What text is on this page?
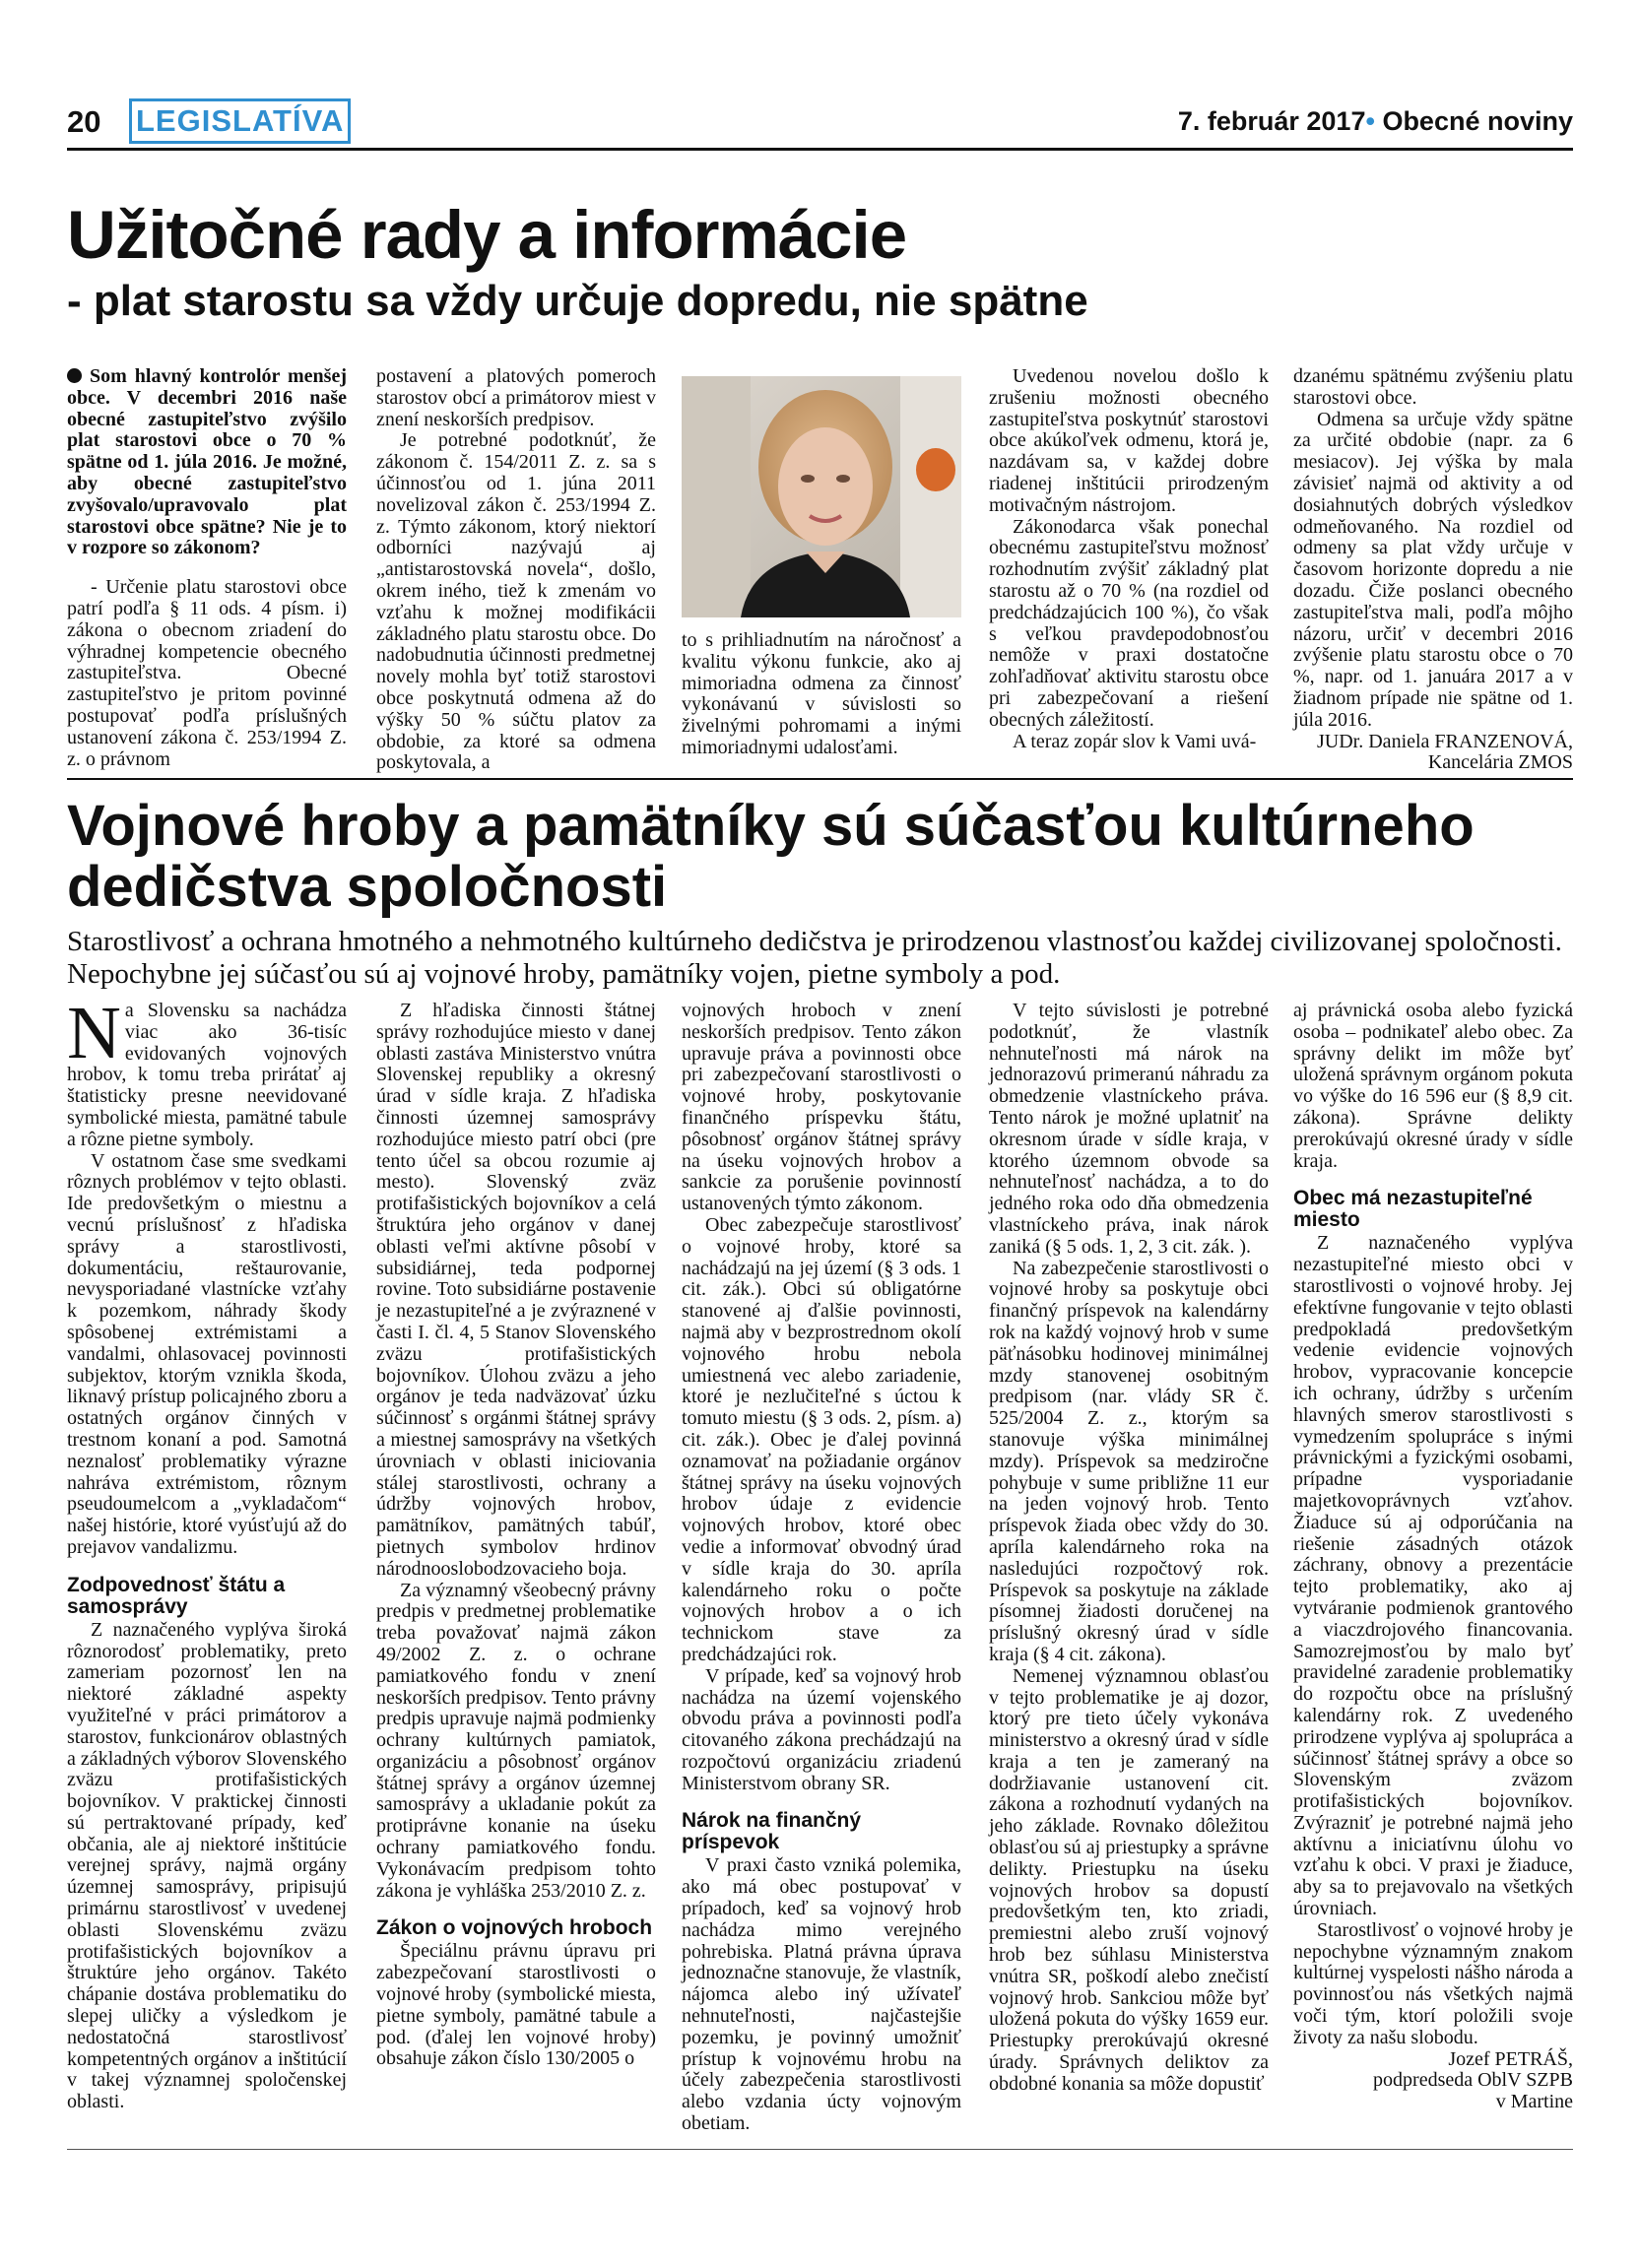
20 LEGISLATÍVA	7. február 2017• Obecné noviny
Užitočné rady a informácie
- plat starostu sa vždy určuje dopredu, nie spätne

Som hlavný kontrolór menšej obce. V decembri 2016 naše obecné zastupiteľstvo zvýšilo plat starostovi obce o 70 % spätne od 1. júla 2016. Je možné, aby obecné zastupiteľstvo zvyšovalo/upravovalo plat starostovi obce spätne? Nie je to v rozpore so zákonom?

- Určenie platu starostovi obce patrí podľa § 11 ods. 4 písm. i) zákona o obecnom zriadení do výhradnej kompetencie obecného zastupiteľstva. Obecné zastupiteľstvo je pritom povinné postupovať podľa príslušných ustanovení zákona č. 253/1994 Z. z. o právnom

postavení a platových pomeroch starostov obcí a primátorov miest v znení neskorších predpisov.

Je potrebné podotknúť, že zákonom č. 154/2011 Z. z. sa s účinnosťou od 1. júna 2011 novelizoval zákon č. 253/1994 Z. z. Týmto zákonom, ktorý niektorí odborníci nazývajú aj „antistarostovská novela“, došlo, okrem iného, tiež k zmenám vo vzťahu k možnej modifikácii základného platu starostu obce. Do nadobudnutia účinnosti predmetnej novely mohla byť totiž starostovi obce poskytnutá odmena až do výšky 50 % súčtu platov za obdobie, za ktoré sa odmena poskytovala, a

to s prihliadnutím na náročnosť a kvalitu výkonu funkcie, ako aj mimoriadna odmena za činnosť vykonávanú v súvislosti so živelnými pohromami a inými mimoriadnymi udalosťami.

Uvedenou novelou došlo k zrušeniu možnosti obecného zastupiteľstva poskytnúť starostovi obce akúkoľvek odmenu, ktorá je, nazdávam sa, v každej dobre riadenej inštitúcii prirodzeným motivačným nástrojom.

Zákonodarca však ponechal obecnému zastupiteľstvu možnosť rozhodnutím zvýšiť základný plat starostu až o 70 % (na rozdiel od predchádzajúcich 100 %), čo však s veľkou pravdepodobnosťou nemôže v praxi dostatočne zohľadňovať aktivitu starostu obce pri zabezpečovaní a riešení obecných záležitostí.

A teraz zopár slov k Vami uvá-

dzanému spätnému zvýšeniu platu starostovi obce.

Odmena sa určuje vždy spätne za určité obdobie (napr. za 6 mesiacov). Jej výška by mala závisieť najmä od aktivity a od dosiahnutých dobrých výsledkov odmeňovaného. Na rozdiel od odmeny sa plat vždy určuje v časovom horizonte dopredu a nie dozadu. Čiže poslanci obecného zastupiteľstva mali, podľa môjho názoru, určiť v decembri 2016 zvýšenie platu starostu obce o 70 %, napr. od 1. januára 2017 a v žiadnom prípade nie spätne od 1. júla 2016.

JUDr. Daniela FRANZENOVÁ,

Kancelária ZMOS

Vojnové hroby a pamätníky sú súčasťou kultúrneho dedičstva spoločnosti

Starostlivosť a ochrana hmotného a nehmotného kultúrneho dedičstva je prirodzenou vlastnosťou každej civilizovanej spoločnosti. Nepochybne jej súčasťou sú aj vojnové hroby, pamätníky vojen, pietne symboly a pod.

Na Slovensku sa nachádza viac ako 36-tisíc evidovaných vojnových hrobov, k tomu treba prirátať aj štatisticky presne neevidované symbolické miesta, pamätné tabule a rôzne pietne symboly.

V ostatnom čase sme svedkami rôznych problémov v tejto oblasti. Ide predovšetkým o miestnu a vecnú príslušnosť z hľadiska správy a starostlivosti, dokumentáciu, reštaurovanie, nevysporiadané vlastnícke vzťahy k pozemkom, náhrady škody spôsobenej extrémistami a vandalmi, ohlasovacej povinnosti subjektov, ktorým vznikla škoda, liknavý prístup policajného zboru a ostatných orgánov činných v trestnom konaní a pod. Samotná neznalosť problematiky výrazne nahráva extrémistom, rôznym pseudoumelcom a „vykladačom“ našej histórie, ktoré vyúsťujú až do prejavov vandalizmu.

Zodpovednosť štátu a samosprávy

Z naznačeného vyplýva široká rôznorodosť problematiky, preto zameriam pozornosť len na niektoré základné aspekty využiteľné v práci primátorov a starostov, funkcionárov oblastných a základných výborov Slovenského zväzu protifašistických bojovníkov. V praktickej činnosti sú pertraktované prípady, keď občania, ale aj niektoré inštitúcie verejnej správy, najmä orgány územnej samosprávy, pripisujú primárnu starostlivosť v uvedenej oblasti Slovenskému zväzu protifašistických bojovníkov a štruktúre jeho orgánov. Takéto chápanie dostáva problematiku do slepej uličky a výsledkom je nedostatočná starostlivosť kompetentných orgánov a inštitúcií v takej významnej spoločenskej oblasti.

Z hľadiska činnosti štátnej správy rozhodujúce miesto v danej oblasti zastáva Ministerstvo vnútra Slovenskej republiky a okresný úrad v sídle kraja. Z hľadiska činnosti územnej samosprávy rozhodujúce miesto patrí obci (pre tento účel sa obcou rozumie aj mesto). Slovenský zväz protifašistických bojovníkov a celá štruktúra jeho orgánov v danej oblasti veľmi aktívne pôsobí v subsidiárnej, teda podpornej rovine. Toto subsidiárne postavenie je nezastupiteľné a je zvýraznené v časti I. čl. 4, 5 Stanov Slovenského zväzu protifašistických bojovníkov. Úlohou zväzu a jeho orgánov je teda nadväzovať úzku súčinnosť s orgánmi štátnej správy a miestnej samosprávy na všetkých úrovniach v oblasti iniciovania stálej starostlivosti, ochrany a údržby vojnových hrobov, pamätníkov, pamätných tabúľ, pietnych symbolov hrdinov národnooslobodzovacieho boja.

Za významný všeobecný právny predpis v predmetnej problematike treba považovať najmä zákon 49/2002 Z. z. o ochrane pamiatkového fondu v znení neskorších predpisov. Tento právny predpis upravuje najmä podmienky ochrany kultúrnych pamiatok, organizáciu a pôsobnosť orgánov štátnej správy a orgánov územnej samosprávy a ukladanie pokút za protiprávne konanie na úseku ochrany pamiatkového fondu. Vykonávacím predpisom tohto zákona je vyhláška 253/2010 Z. z.

Zákon o vojnových hroboch

Špeciálnu právnu úpravu pri zabezpečovaní starostlivosti o vojnové hroby (symbolické miesta, pietne symboly, pamätné tabule a pod. (ďalej len vojnové hroby) obsahuje zákon číslo 130/2005 o

vojnových hroboch v znení neskorších predpisov. Tento zákon upravuje práva a povinnosti obce pri zabezpečovaní starostlivosti o vojnové hroby, poskytovanie finančného príspevku štátu, pôsobnosť orgánov štátnej správy na úseku vojnových hrobov a sankcie za porušenie povinností ustanovených týmto zákonom.

Obec zabezpečuje starostlivosť o vojnové hroby, ktoré sa nachádzajú na jej území (§ 3 ods. 1 cit. zák.). Obci sú obligatórne stanovené aj ďalšie povinnosti, najmä aby v bezprostrednom okolí vojnového hrobu nebola umiestnená vec alebo zariadenie, ktoré je nezlučiteľné s úctou k tomuto miestu (§ 3 ods. 2, písm. a) cit. zák.). Obec je ďalej povinná oznamovať na požiadanie orgánov štátnej správy na úseku vojnových hrobov údaje z evidencie vojnových hrobov, ktoré obec vedie a informovať obvodný úrad v sídle kraja do 30. apríla kalendárneho roku o počte vojnových hrobov a o ich technickom stave za predchádzajúci rok.

V prípade, keď sa vojnový hrob nachádza na území vojenského obvodu práva a povinnosti podľa citovaného zákona prechádzajú na rozpočtovú organizáciu zriadenú Ministerstvom obrany SR.

Nárok na finančný príspevok

V praxi často vzniká polemika, ako má obec postupovať v prípadoch, keď sa vojnový hrob nachádza mimo verejného pohrebiska. Platná právna úprava jednoznačne stanovuje, že vlastník, nájomca alebo iný užívateľ nehnuteľnosti, najčastejšie pozemku, je povinný umožniť prístup k vojnovému hrobu na účely zabezpečenia starostlivosti alebo vzdania úcty vojnovým obetiam.

V tejto súvislosti je potrebné podotknúť, že vlastník nehnuteľnosti má nárok na jednorazovú primeranú náhradu za obmedzenie vlastníckeho práva. Tento nárok je možné uplatniť na okresnom úrade v sídle kraja, v ktorého územnom obvode sa nehnuteľnosť nachádza, a to do jedného roka odo dňa obmedzenia vlastníckeho práva, inak nárok zaniká (§ 5 ods. 1, 2, 3 cit. zák. ).

Na zabezpečenie starostlivosti o vojnové hroby sa poskytuje obci finančný príspevok na kalendárny rok na každý vojnový hrob v sume päťnásobku hodinovej minimálnej mzdy stanovenej osobitným predpisom (nar. vlády SR č. 525/2004 Z. z., ktorým sa stanovuje výška minimálnej mzdy). Príspevok sa medziročne pohybuje v sume približne 11 eur na jeden vojnový hrob. Tento príspevok žiada obec vždy do 30. apríla kalendárneho roka na nasledujúci rozpočtový rok. Príspevok sa poskytuje na základe písomnej žiadosti doručenej na príslušný okresný úrad v sídle kraja (§ 4 cit. zákona).

Nemenej významnou oblasťou v tejto problematike je aj dozor, ktorý pre tieto účely vykonáva ministerstvo a okresný úrad v sídle kraja a ten je zameraný na dodržiavanie ustanovení cit. zákona a rozhodnutí vydaných na jeho základe. Rovnako dôležitou oblasťou sú aj priestupky a správne delikty. Priestupku na úseku vojnových hrobov sa dopustí predovšetkým ten, kto zriadi, premiestni alebo zruší vojnový hrob bez súhlasu Ministerstva vnútra SR, poškodí alebo znečistí vojnový hrob. Sankciou môže byť uložená pokuta do výšky 1659 eur. Priestupky prerokúvajú okresné úrady. Správnych deliktov za obdobné konania sa môže dopustiť

aj právnická osoba alebo fyzická osoba – podnikateľ alebo obec. Za správny delikt im môže byť uložená správnym orgánom pokuta vo výške do 16 596 eur (§ 8,9 cit. zákona). Správne delikty prerokúvajú okresné úrady v sídle kraja.

Obec má nezastupiteľné miesto

Z naznačeného vyplýva nezastupiteľné miesto obci v starostlivosti o vojnové hroby. Jej efektívne fungovanie v tejto oblasti predpokladá predovšetkým vedenie evidencie vojnových hrobov, vypracovanie koncepcie ich ochrany, údržby s určením hlavných smerov starostlivosti s vymedzením spolupráce s inými právnickými a fyzickými osobami, prípadne vysporiadanie majetkovoprávnych vzťahov. Žiaduce sú aj odporúčania na riešenie zásadných otázok záchrany, obnovy a prezentácie tejto problematiky, ako aj vytváranie podmienok grantového a viaczdrojového financovania. Samozrejmosťou by malo byť pravidelné zaradenie problematiky do rozpočtu obce na príslušný kalendárny rok. Z uvedeného prirodzene vyplýva aj spolupráca a súčinnosť štátnej správy a obce so Slovenským zväzom protifašistických bojovníkov. Zvýrazniť je potrebné najmä jeho aktívnu a iniciatívnu úlohu vo vzťahu k obci. V praxi je žiaduce, aby sa to prejavovalo na všetkých úrovniach.

Starostlivosť o vojnové hroby je nepochybne významným znakom kultúrnej vyspelosti nášho národa a povinnosťou nás všetkých najmä voči tým, ktorí položili svoje životy za našu slobodu.

Jozef PETRÁŠ,

podpredseda OblV SZPB

v Martine
